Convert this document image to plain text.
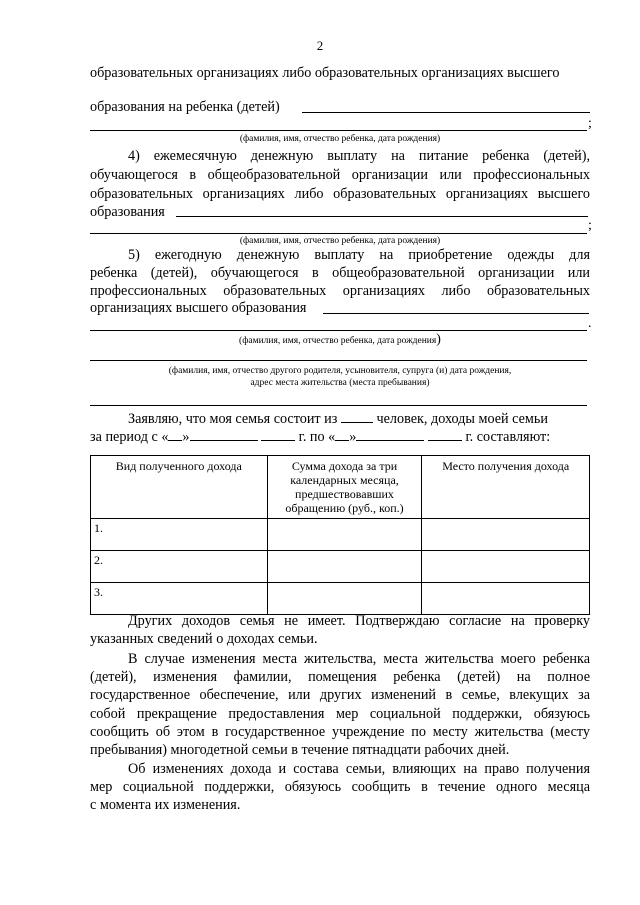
2
образовательных организациях либо образовательных организациях высшего
образования на ребенка (детей)
;
(фамилия, имя, отчество ребенка, дата рождения)
4) ежемесячную денежную выплату на питание ребенка (детей),
обучающегося в общеобразовательной организации или профессиональных
образовательных организациях либо образовательных организациях высшего
образования
;
(фамилия, имя, отчество ребенка, дата рождения)
5) ежегодную денежную выплату на приобретение одежды для
ребенка (детей), обучающегося в общеобразовательной организации или
профессиональных образовательных организациях либо образовательных
организациях высшего образования
.
(фамилия, имя, отчество ребенка, дата рождения)
(фамилия, имя, отчество другого родителя, усыновителя, супруга (и) дата рождения,
адрес места жительства (места пребывания)
Заявляю, что моя семья состоит из	человек, доходы моей семьи
за период с « »	г. по « »	г. составляют:
Вид полученного дохода	Сумма дохода за три календарных месяца, предшествовавших обращению (руб., коп.)	Место получения дохода
1.		
2.		
3.		
Других доходов семья не имеет. Подтверждаю согласие на проверку
указанных сведений о доходах семьи.
В случае изменения места жительства, места жительства моего ребенка
(детей), изменения фамилии, помещения ребенка (детей) на полное
государственное обеспечение, или других изменений в семье, влекущих за
собой прекращение предоставления мер социальной поддержки, обязуюсь
сообщить об этом в государственное учреждение по месту жительства (месту
пребывания) многодетной семьи в течение пятнадцати рабочих дней.
Об изменениях дохода и состава семьи, влияющих на право получения
мер социальной поддержки, обязуюсь сообщить в течение одного месяца
с момента их изменения.
